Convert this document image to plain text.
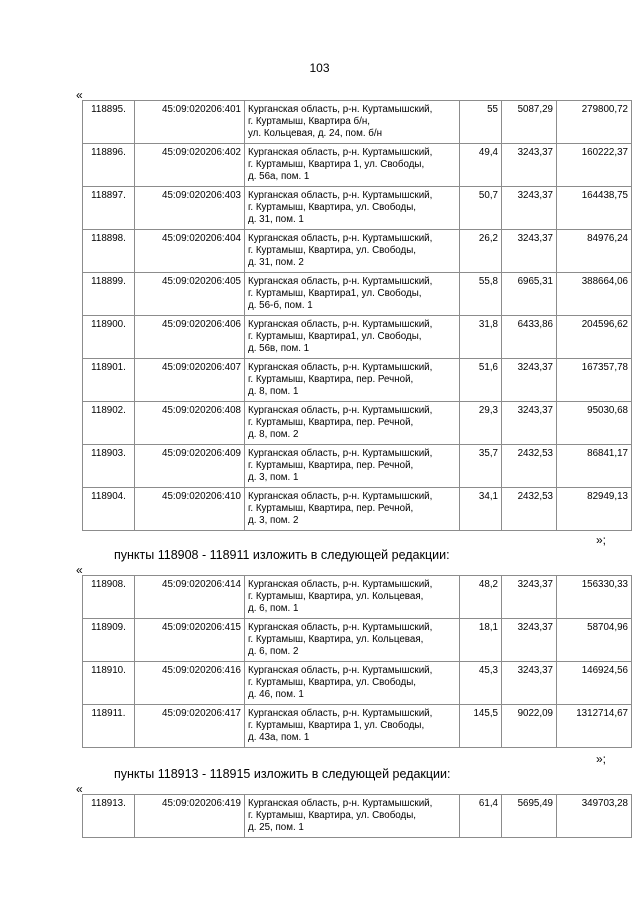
103
«
118895.	45:09:020206:401	Курганская область, р-н. Куртамышский,
г. Куртамыш, Квартира б/н,
ул. Кольцевая, д. 24, пом. б/н	55	5087,29	279800,72
118896.	45:09:020206:402	Курганская область, р-н. Куртамышский,
г. Куртамыш, Квартира 1, ул. Свободы,
д. 56а, пом. 1	49,4	3243,37	160222,37
118897.	45:09:020206:403	Курганская область, р-н. Куртамышский,
г. Куртамыш, Квартира, ул. Свободы,
д. 31, пом. 1	50,7	3243,37	164438,75
118898.	45:09:020206:404	Курганская область, р-н. Куртамышский,
г. Куртамыш, Квартира, ул. Свободы,
д. 31, пом. 2	26,2	3243,37	84976,24
118899.	45:09:020206:405	Курганская область, р-н. Куртамышский,
г. Куртамыш, Квартира1, ул. Свободы,
д. 56-б, пом. 1	55,8	6965,31	388664,06
118900.	45:09:020206:406	Курганская область, р-н. Куртамышский,
г. Куртамыш, Квартира1, ул. Свободы,
д. 56в, пом. 1	31,8	6433,86	204596,62
118901.	45:09:020206:407	Курганская область, р-н. Куртамышский,
г. Куртамыш, Квартира, пер. Речной,
д. 8, пом. 1	51,6	3243,37	167357,78
118902.	45:09:020206:408	Курганская область, р-н. Куртамышский,
г. Куртамыш, Квартира, пер. Речной,
д. 8, пом. 2	29,3	3243,37	95030,68
118903.	45:09:020206:409	Курганская область, р-н. Куртамышский,
г. Куртамыш, Квартира, пер. Речной,
д. 3, пом. 1	35,7	2432,53	86841,17
118904.	45:09:020206:410	Курганская область, р-н. Куртамышский,
г. Куртамыш, Квартира, пер. Речной,
д. 3, пом. 2	34,1	2432,53	82949,13
»;
пункты 118908 - 118911 изложить в следующей редакции:
«
118908.	45:09:020206:414	Курганская область, р-н. Куртамышский,
г. Куртамыш, Квартира, ул. Кольцевая,
д. 6, пом. 1	48,2	3243,37	156330,33
118909.	45:09:020206:415	Курганская область, р-н. Куртамышский,
г. Куртамыш, Квартира, ул. Кольцевая,
д. 6, пом. 2	18,1	3243,37	58704,96
118910.	45:09:020206:416	Курганская область, р-н. Куртамышский,
г. Куртамыш, Квартира, ул. Свободы,
д. 46, пом. 1	45,3	3243,37	146924,56
118911.	45:09:020206:417	Курганская область, р-н. Куртамышский,
г. Куртамыш, Квартира 1, ул. Свободы,
д. 43а, пом. 1	145,5	9022,09	1312714,67
»;
пункты 118913 - 118915 изложить в следующей редакции:
«
118913.	45:09:020206:419	Курганская область, р-н. Куртамышский,
г. Куртамыш, Квартира, ул. Свободы,
д. 25, пом. 1	61,4	5695,49	349703,28
